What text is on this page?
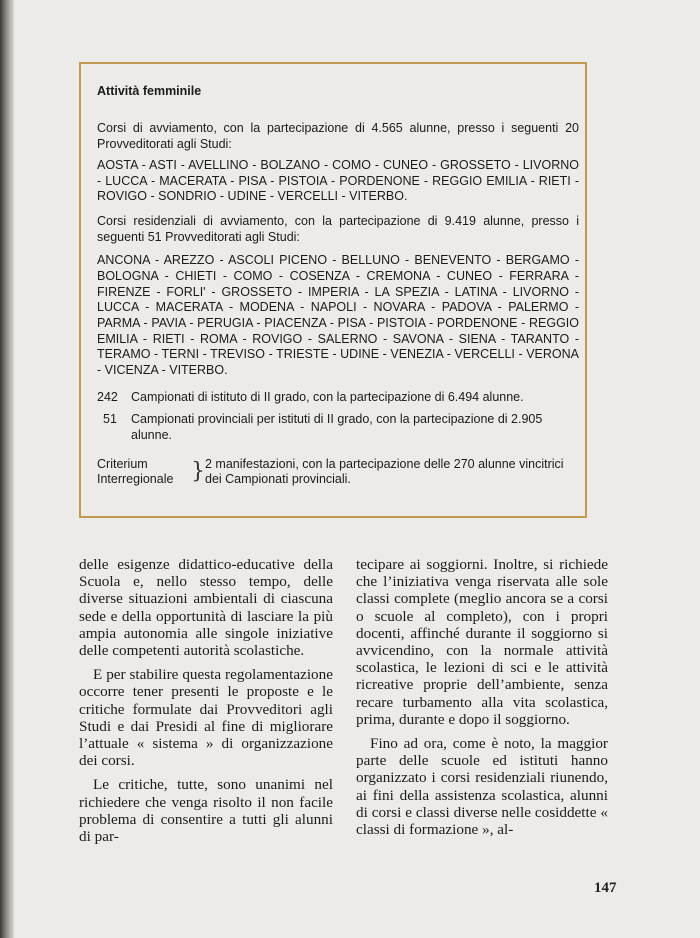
Attività femminile

Corsi di avviamento, con la partecipazione di 4.565 alunne, presso i seguenti 20 Provveditorati agli Studi:

AOSTA - ASTI - AVELLINO - BOLZANO - COMO - CUNEO - GROSSETO - LIVORNO - LUCCA - MACERATA - PISA - PISTOIA - PORDENONE - REGGIO EMILIA - RIETI - ROVIGO - SONDRIO - UDINE - VERCELLI - VITERBO.

Corsi residenziali di avviamento, con la partecipazione di 9.419 alunne, presso i seguenti 51 Provveditorati agli Studi:

ANCONA - AREZZO - ASCOLI PICENO - BELLUNO - BENEVENTO - BERGAMO - BOLOGNA - CHIETI - COMO - COSENZA - CREMONA - CUNEO - FERRARA - FIRENZE - FORLI' - GROSSETO - IMPERIA - LA SPEZIA - LATINA - LIVORNO - LUCCA - MACERATA - MODENA - NAPOLI - NOVARA - PADOVA - PALERMO - PARMA - PAVIA - PERUGIA - PIACENZA - PISA - PISTOIA - PORDENONE - REGGIO EMILIA - RIETI - ROMA - ROVIGO - SALERNO - SAVONA - SIENA - TARANTO - TERAMO - TERNI - TREVISO - TRIESTE - UDINE - VENEZIA - VERCELLI - VERONA - VICENZA - VITERBO.

242	Campionati di istituto di II grado, con la partecipazione di 6.494 alunne.
51	Campionati provinciali per istituti di II grado, con la partecipazione di 2.905 alunne.
Criterium
Interregionale } 2 manifestazioni, con la partecipazione delle 270 alunne vincitrici dei Campionati provinciali.

delle esigenze didattico-educative della Scuola e, nello stesso tempo, delle diverse situazioni ambientali di ciascuna sede e della opportunità di lasciare la più ampia autonomia alle singole iniziative delle competenti autorità scolastiche.

E per stabilire questa regolamentazione occorre tener presenti le proposte e le critiche formulate dai Provveditori agli Studi e dai Presidi al fine di migliorare l’attuale « sistema » di organizzazione dei corsi.

Le critiche, tutte, sono unanimi nel richiedere che venga risolto il non facile problema di consentire a tutti gli alunni di par-

tecipare ai soggiorni. Inoltre, si richiede che l’iniziativa venga riservata alle sole classi complete (meglio ancora se a corsi o scuole al completo), con i propri docenti, affinché durante il soggiorno si avvicendino, con la normale attività scolastica, le lezioni di sci e le attività ricreative proprie dell’ambiente, senza recare turbamento alla vita scolastica, prima, durante e dopo il soggiorno.

Fino ad ora, come è noto, la maggior parte delle scuole ed istituti hanno organizzato i corsi residenziali riunendo, ai fini della assistenza scolastica, alunni di corsi e classi diverse nelle cosiddette « classi di formazione », al-

147
